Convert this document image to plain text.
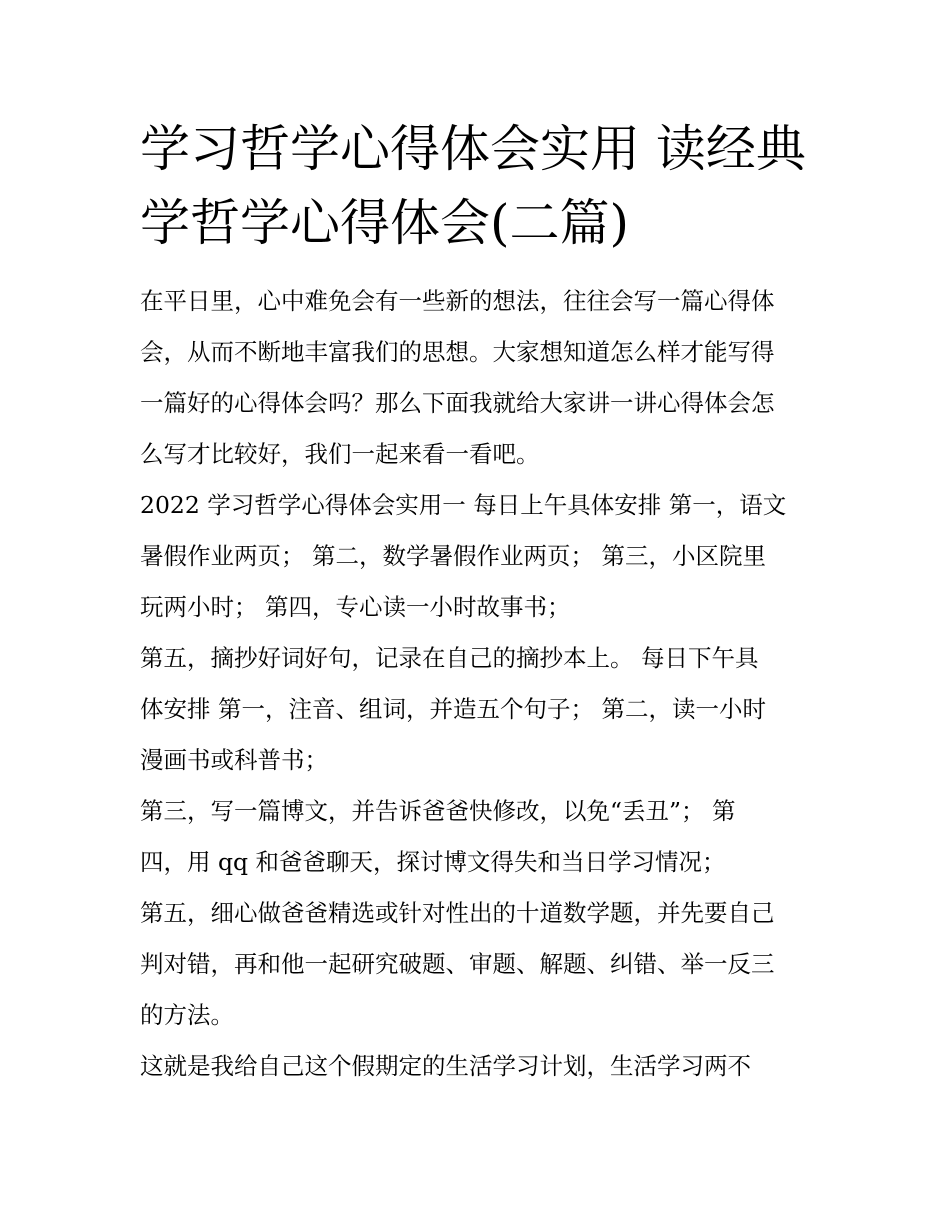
学习哲学心得体会实用 读经典
学哲学心得体会(二篇)
在平日里，心中难免会有一些新的想法，往往会写一篇心得体
会，从而不断地丰富我们的思想。大家想知道怎么样才能写得
一篇好的心得体会吗？那么下面我就给大家讲一讲心得体会怎
么写才比较好，我们一起来看一看吧。
2022 学习哲学心得体会实用一 每日上午具体安排 第一，语文
暑假作业两页； 第二，数学暑假作业两页； 第三，小区院里
玩两小时； 第四，专心读一小时故事书；
第五，摘抄好词好句，记录在自己的摘抄本上。 每日下午具
体安排 第一，注音、组词，并造五个句子； 第二，读一小时
漫画书或科普书；
第三，写一篇博文，并告诉爸爸快修改，以免“丢丑”； 第
四，用 qq 和爸爸聊天，探讨博文得失和当日学习情况；
第五，细心做爸爸精选或针对性出的十道数学题，并先要自己
判对错，再和他一起研究破题、审题、解题、纠错、举一反三
的方法。
这就是我给自己这个假期定的生活学习计划，生活学习两不
